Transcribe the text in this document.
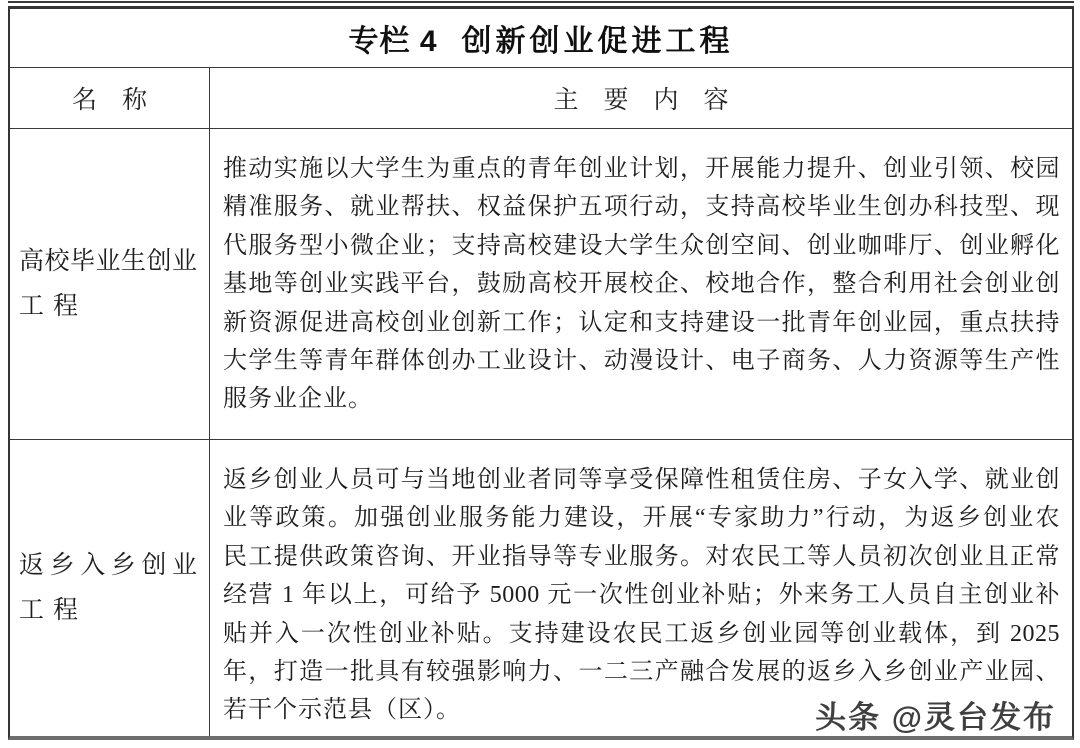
专栏 4 创新创业促进工程
名　称	主　要　内　容
高校毕业生创业
工程
推动实施以大学生为重点的青年创业计划，开展能力提升、创业引领、校园
精准服务、就业帮扶、权益保护五项行动，支持高校毕业生创办科技型、现
代服务型小微企业；支持高校建设大学生众创空间、创业咖啡厅、创业孵化
基地等创业实践平台，鼓励高校开展校企、校地合作，整合利用社会创业创
新资源促进高校创业创新工作；认定和支持建设一批青年创业园，重点扶持
大学生等青年群体创办工业设计、动漫设计、电子商务、人力资源等生产性
服务业企业。
返乡入乡创业
工程
返乡创业人员可与当地创业者同等享受保障性租赁住房、子女入学、就业创
业等政策。加强创业服务能力建设，开展“专家助力”行动，为返乡创业农
民工提供政策咨询、开业指导等专业服务。对农民工等人员初次创业且正常
经营 1 年以上，可给予 5000 元一次性创业补贴；外来务工人员自主创业补
贴并入一次性创业补贴。支持建设农民工返乡创业园等创业载体，到 2025
年，打造一批具有较强影响力、一二三产融合发展的返乡入乡创业产业园、
若干个示范县（区）。	头条 @灵台发布
